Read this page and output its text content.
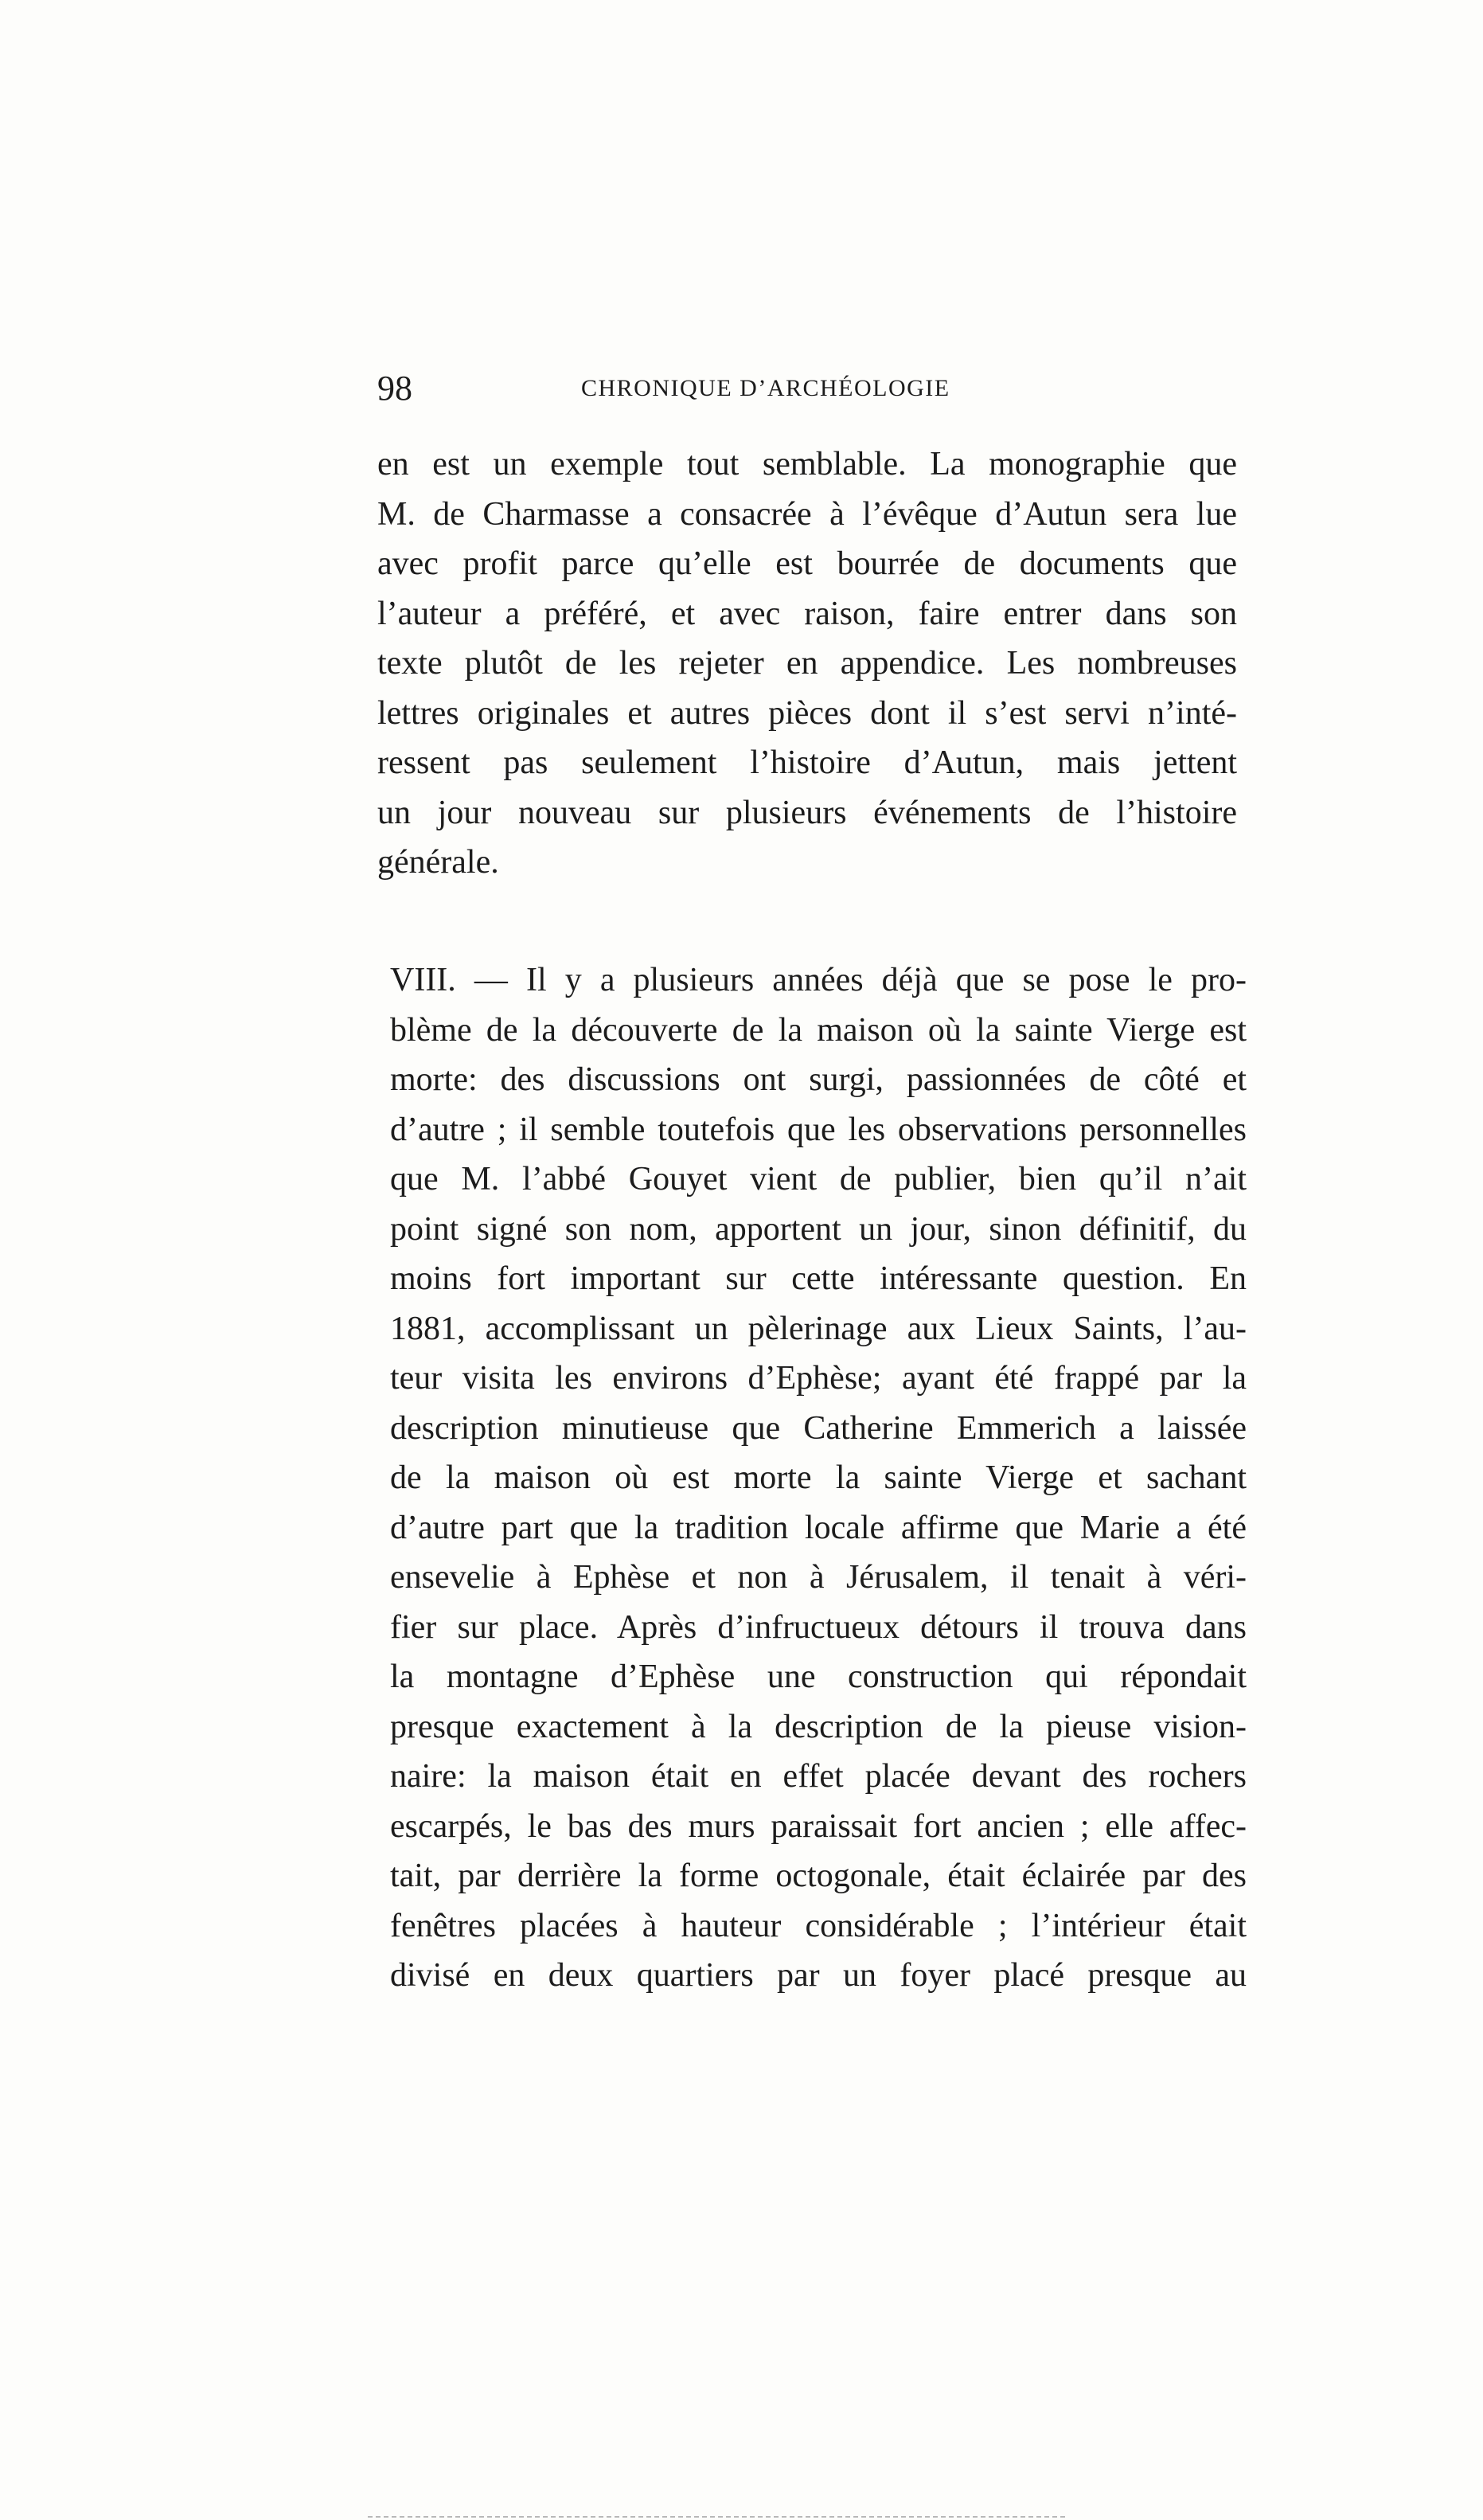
98	CHRONIQUE D’ARCHÉOLOGIE
en est un exemple tout semblable. La monographie que
M. de Charmasse a consacrée à l’évêque d’Autun sera lue
avec profit parce qu’elle est bourrée de documents que
l’auteur a préféré, et avec raison, faire entrer dans son
texte plutôt de les rejeter en appendice. Les nombreuses
lettres originales et autres pièces dont il s’est servi n’inté-
ressent pas seulement l’histoire d’Autun, mais jettent
un jour nouveau sur plusieurs événements de l’histoire
générale.
VIII. — Il y a plusieurs années déjà que se pose le pro-
blème de la découverte de la maison où la sainte Vierge est
morte: des discussions ont surgi, passionnées de côté et
d’autre ; il semble toutefois que les observations personnelles
que M. l’abbé Gouyet vient de publier, bien qu’il n’ait
point signé son nom, apportent un jour, sinon définitif, du
moins fort important sur cette intéressante question. En
1881, accomplissant un pèlerinage aux Lieux Saints, l’au-
teur visita les environs d’Ephèse; ayant été frappé par la
description minutieuse que Catherine Emmerich a laissée
de la maison où est morte la sainte Vierge et sachant
d’autre part que la tradition locale affirme que Marie a été
ensevelie à Ephèse et non à Jérusalem, il tenait à véri-
fier sur place. Après d’infructueux détours il trouva dans
la montagne d’Ephèse une construction qui répondait
presque exactement à la description de la pieuse vision-
naire: la maison était en effet placée devant des rochers
escarpés, le bas des murs paraissait fort ancien ; elle affec-
tait, par derrière la forme octogonale, était éclairée par des
fenêtres placées à hauteur considérable ; l’intérieur était
divisé en deux quartiers par un foyer placé presque au
